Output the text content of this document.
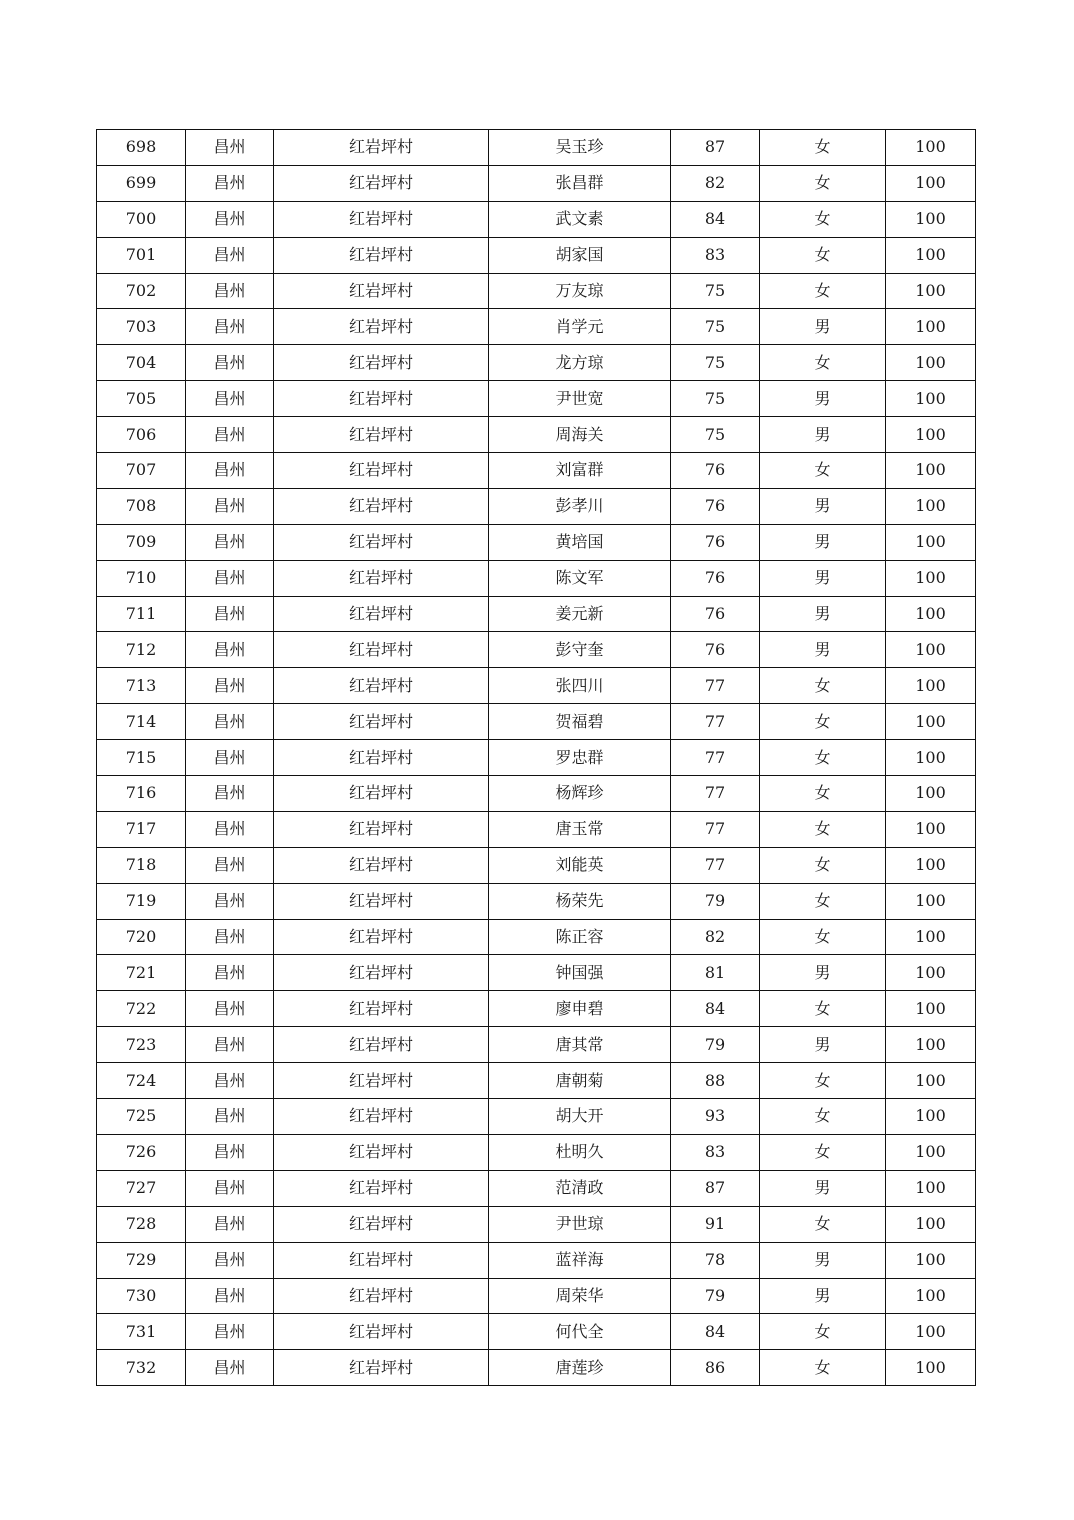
698	昌州	红岩坪村	吴玉珍	87	女	100
699	昌州	红岩坪村	张昌群	82	女	100
700	昌州	红岩坪村	武文素	84	女	100
701	昌州	红岩坪村	胡家国	83	女	100
702	昌州	红岩坪村	万友琼	75	女	100
703	昌州	红岩坪村	肖学元	75	男	100
704	昌州	红岩坪村	龙方琼	75	女	100
705	昌州	红岩坪村	尹世宽	75	男	100
706	昌州	红岩坪村	周海关	75	男	100
707	昌州	红岩坪村	刘富群	76	女	100
708	昌州	红岩坪村	彭孝川	76	男	100
709	昌州	红岩坪村	黄培国	76	男	100
710	昌州	红岩坪村	陈文军	76	男	100
711	昌州	红岩坪村	姜元新	76	男	100
712	昌州	红岩坪村	彭守奎	76	男	100
713	昌州	红岩坪村	张四川	77	女	100
714	昌州	红岩坪村	贺福碧	77	女	100
715	昌州	红岩坪村	罗忠群	77	女	100
716	昌州	红岩坪村	杨辉珍	77	女	100
717	昌州	红岩坪村	唐玉常	77	女	100
718	昌州	红岩坪村	刘能英	77	女	100
719	昌州	红岩坪村	杨荣先	79	女	100
720	昌州	红岩坪村	陈正容	82	女	100
721	昌州	红岩坪村	钟国强	81	男	100
722	昌州	红岩坪村	廖申碧	84	女	100
723	昌州	红岩坪村	唐其常	79	男	100
724	昌州	红岩坪村	唐朝菊	88	女	100
725	昌州	红岩坪村	胡大开	93	女	100
726	昌州	红岩坪村	杜明久	83	女	100
727	昌州	红岩坪村	范清政	87	男	100
728	昌州	红岩坪村	尹世琼	91	女	100
729	昌州	红岩坪村	蓝祥海	78	男	100
730	昌州	红岩坪村	周荣华	79	男	100
731	昌州	红岩坪村	何代全	84	女	100
732	昌州	红岩坪村	唐莲珍	86	女	100
